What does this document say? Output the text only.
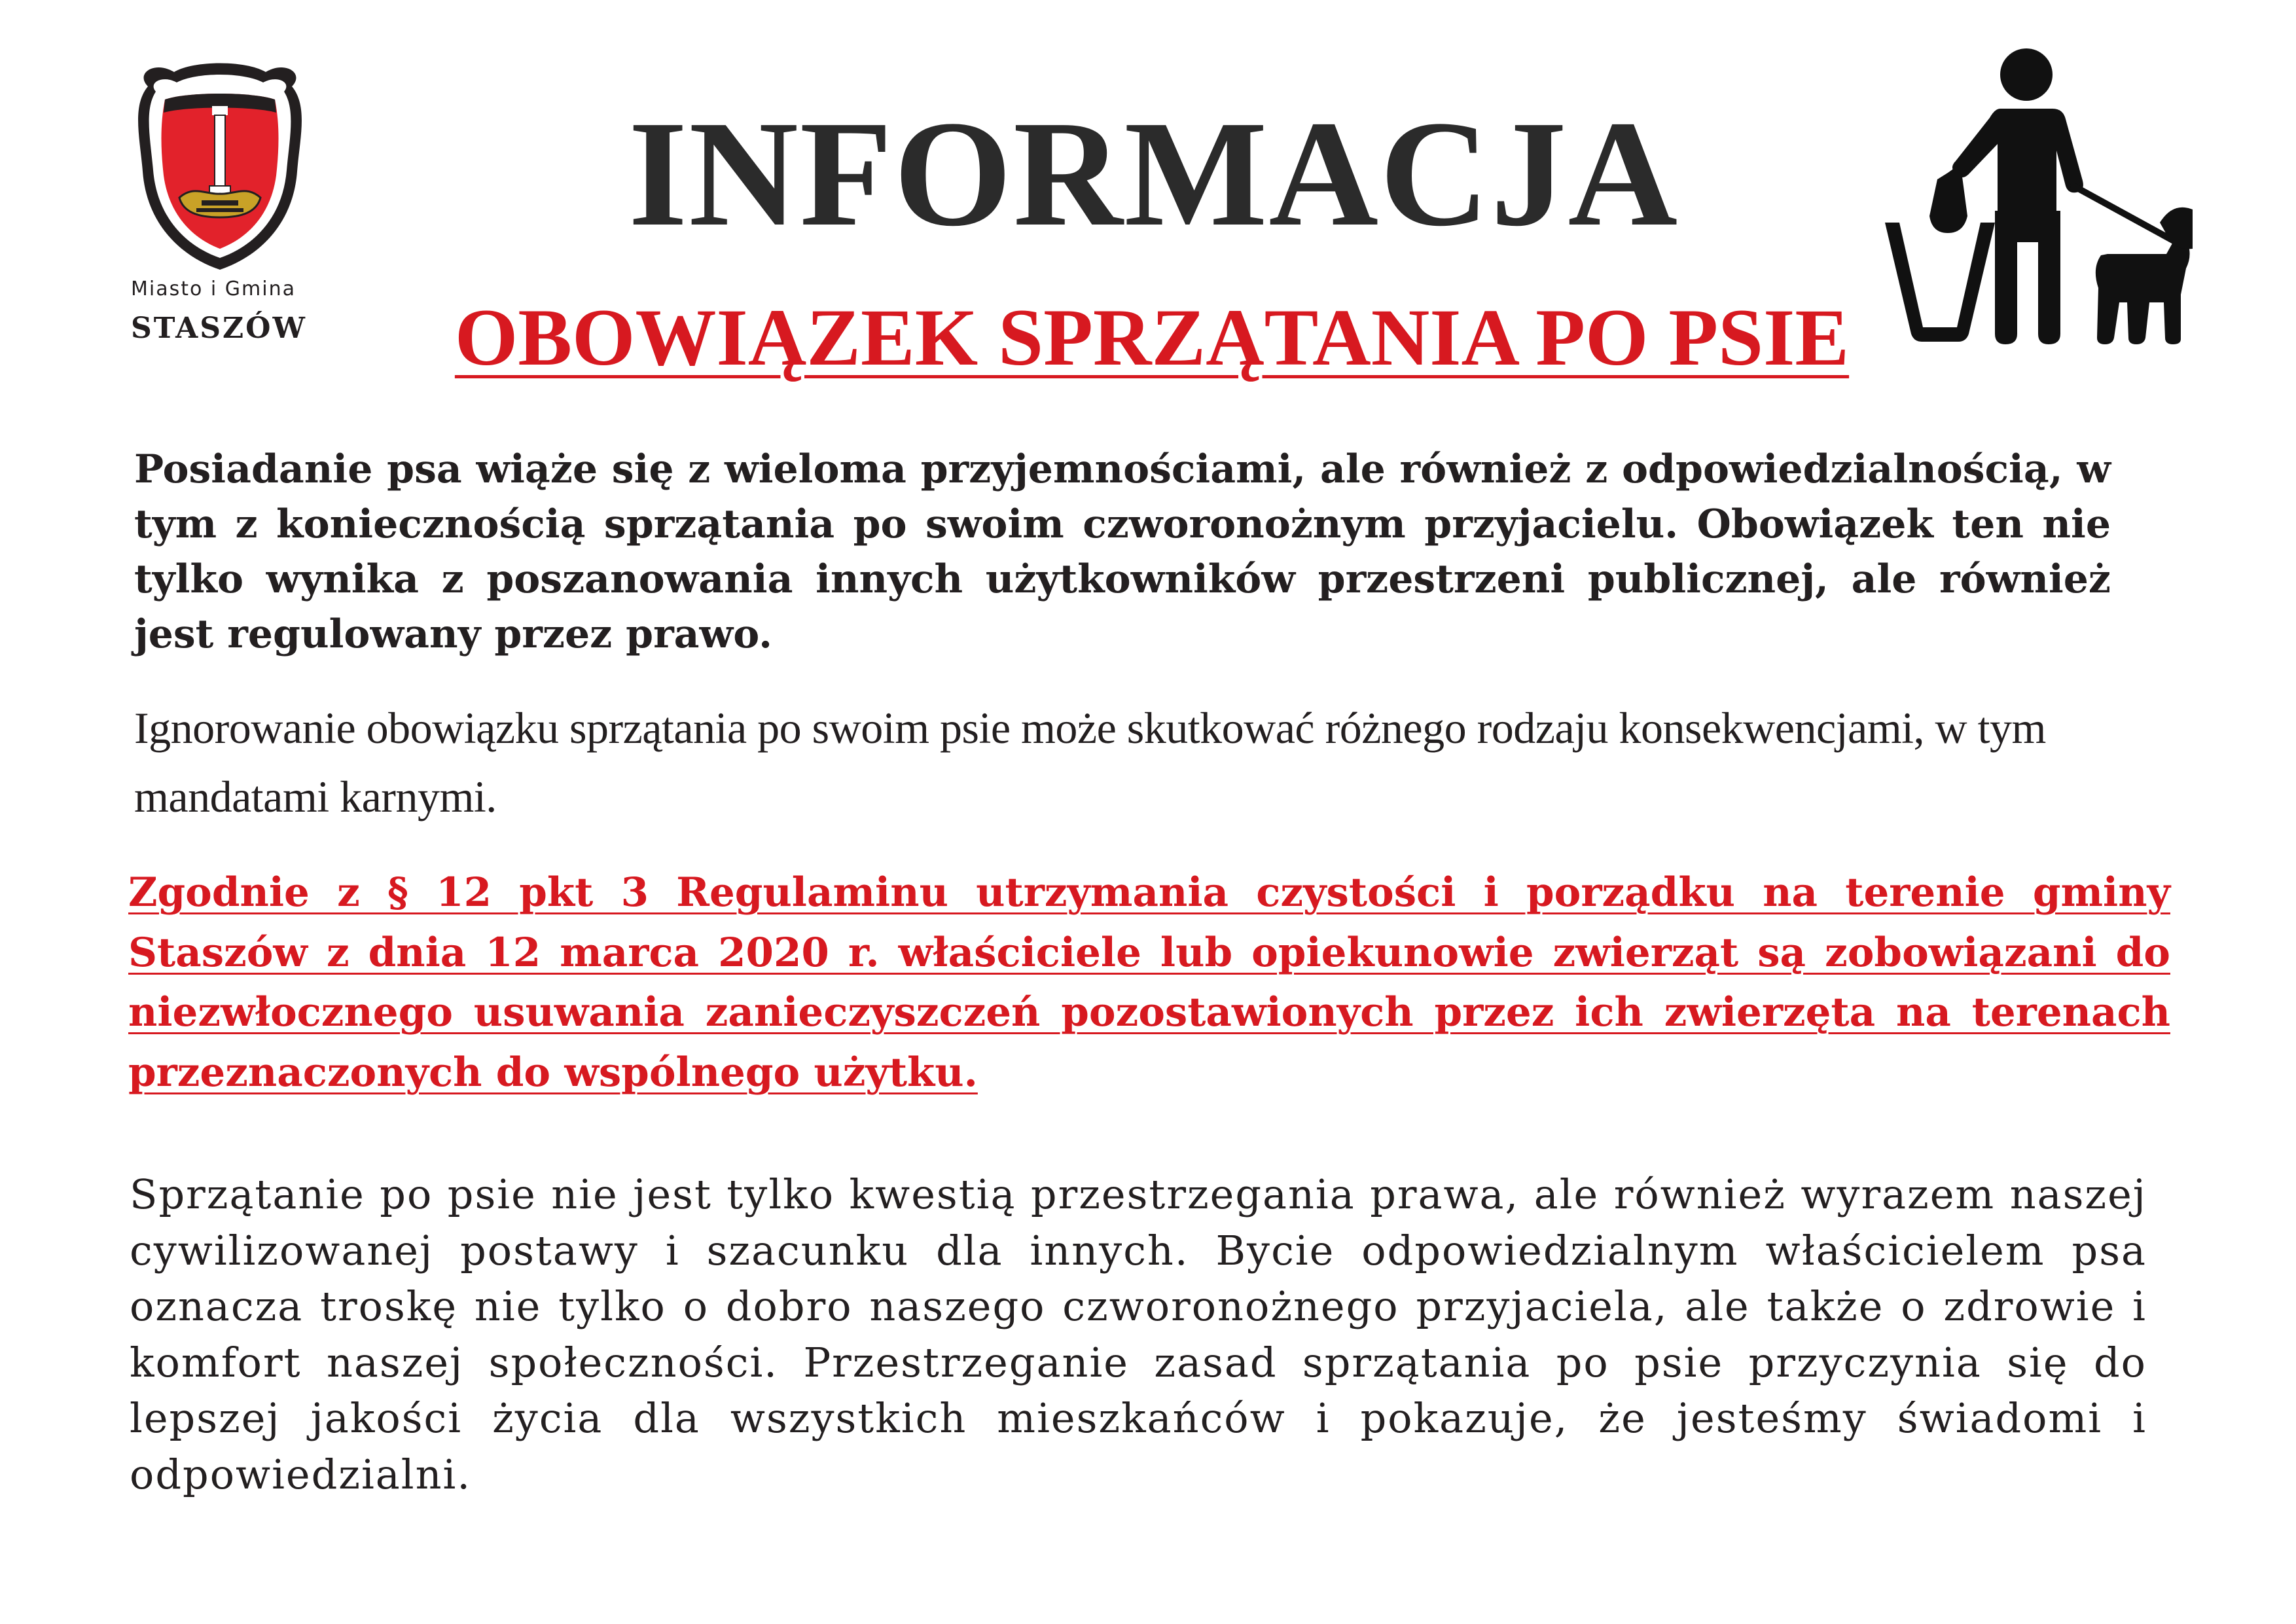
Miasto i Gmina
STASZÓW
INFORMACJA
OBOWIĄZEK SPRZĄTANIA PO PSIE
Posiadanie psa wiąże się z wieloma przyjemnościami, ale również z odpowiedzialnością, w tym z koniecznością sprzątania po swoim czworonożnym przyjacielu. Obowiązek ten nie tylko wynika z poszanowania innych użytkowników przestrzeni publicznej, ale również jest regulowany przez prawo.
Ignorowanie obowiązku sprzątania po swoim psie może skutkować różnego rodzaju konsekwencjami, w tym mandatami karnymi.
Zgodnie z § 12 pkt 3 Regulaminu utrzymania czystości i porządku na terenie gminy Staszów z dnia 12 marca 2020 r. właściciele lub opiekunowie zwierząt są zobowiązani do niezwłocznego usuwania zanieczyszczeń pozostawionych przez ich zwierzęta na terenach przeznaczonych do wspólnego użytku.
Sprzątanie po psie nie jest tylko kwestią przestrzegania prawa, ale również wyrazem naszej cywilizowanej postawy i szacunku dla innych. Bycie odpowiedzialnym właścicielem psa oznacza troskę nie tylko o dobro naszego czworonożnego przyjaciela, ale także o zdrowie i komfort naszej społeczności. Przestrzeganie zasad sprzątania po psie przyczynia się do lepszej jakości życia dla wszystkich mieszkańców i pokazuje, że jesteśmy świadomi i odpowiedzialni.
